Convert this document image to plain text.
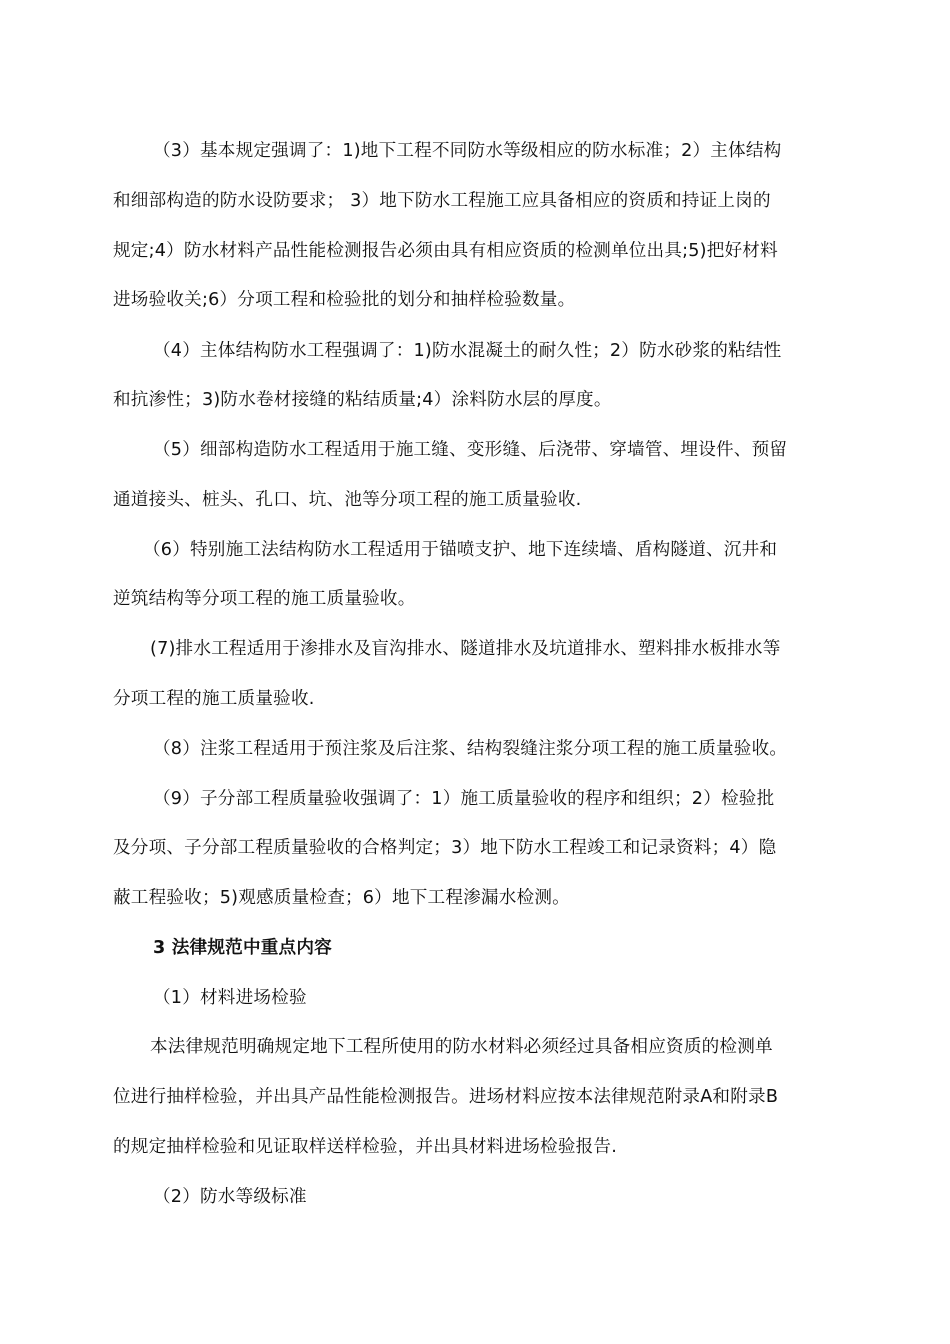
（3）基本规定强调了：1)地下工程不同防水等级相应的防水标准；2）主体结构
和细部构造的防水设防要求； 3）地下防水工程施工应具备相应的资质和持证上岗的
规定;4）防水材料产品性能检测报告必须由具有相应资质的检测单位出具;5)把好材料
进场验收关;6）分项工程和检验批的划分和抽样检验数量。
（4）主体结构防水工程强调了：1)防水混凝土的耐久性；2）防水砂浆的粘结性
和抗渗性；3)防水卷材接缝的粘结质量;4）涂料防水层的厚度。
（5）细部构造防水工程适用于施工缝、变形缝、后浇带、穿墙管、埋设件、预留
通道接头、桩头、孔口、坑、池等分项工程的施工质量验收.
（6）特别施工法结构防水工程适用于锚喷支护、地下连续墙、盾构隧道、沉井和
逆筑结构等分项工程的施工质量验收。
(7)排水工程适用于渗排水及盲沟排水、隧道排水及坑道排水、塑料排水板排水等
分项工程的施工质量验收.
（8）注浆工程适用于预注浆及后注浆、结构裂缝注浆分项工程的施工质量验收。
（9）子分部工程质量验收强调了：1）施工质量验收的程序和组织；2）检验批
及分项、子分部工程质量验收的合格判定；3）地下防水工程竣工和记录资料；4）隐
蔽工程验收；5)观感质量检查；6）地下工程渗漏水检测。
3 法律规范中重点内容
（1）材料进场检验
本法律规范明确规定地下工程所使用的防水材料必须经过具备相应资质的检测单
位进行抽样检验，并出具产品性能检测报告。进场材料应按本法律规范附录A和附录B
的规定抽样检验和见证取样送样检验，并出具材料进场检验报告.
（2）防水等级标准
